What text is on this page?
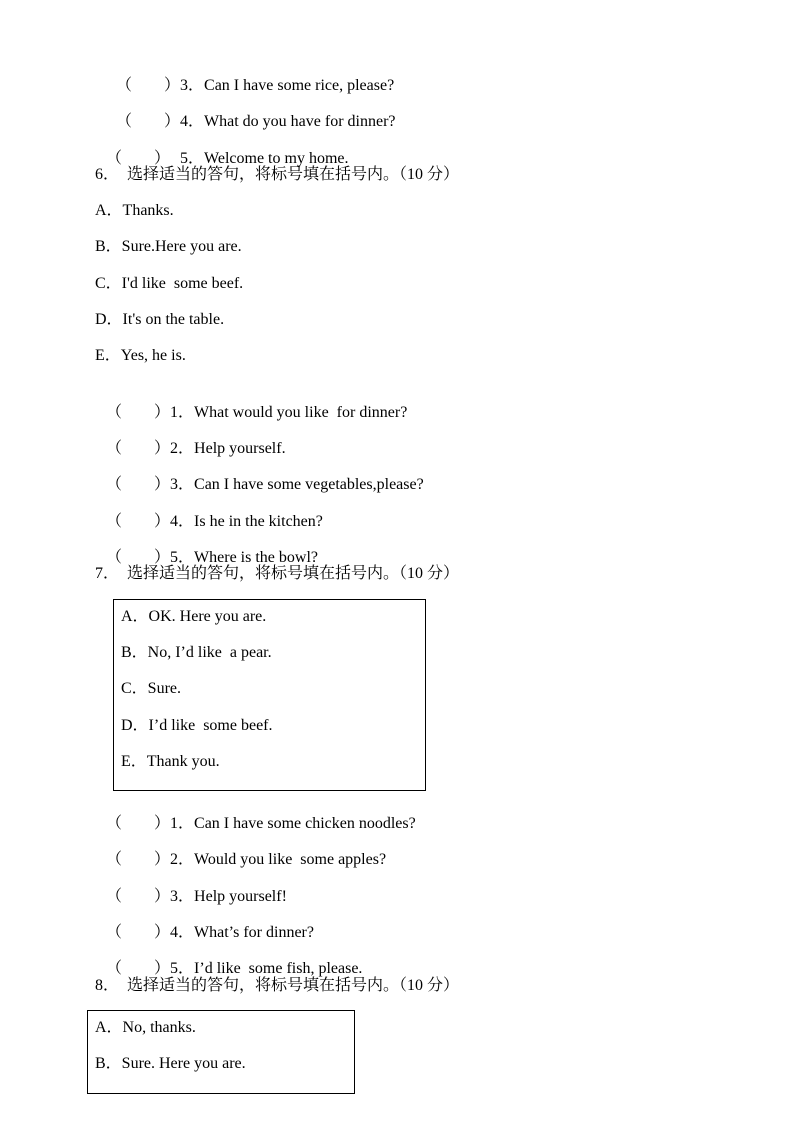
（　　）3．Can I have some rice, please?

（　　）4．What do you have for dinner?

（　　） 5．Welcome to my home.

6．　选择适当的答句，将标号填在括号内。（10 分）
A．Thanks.
B．Sure.Here you are.
C．I'd like  some beef.
D．It's on the table.
E．Yes, he is.

（　　）1．What would you like  for dinner?

（　　）2．Help yourself.

（　　）3．Can I have some vegetables,please?

（　　）4．Is he in the kitchen?

（　　）5．Where is the bowl?

7．　选择适当的答句，将标号填在括号内。（10 分）
A．OK. Here you are.
B．No, I’d like  a pear.
C．Sure.
D．I’d like  some beef.
E．Thank you.

（　　）1．Can I have some chicken noodles?

（　　）2．Would you like  some apples?

（　　）3．Help yourself!

（　　）4．What’s for dinner?

（　　）5．I’d like  some fish, please.

8．　选择适当的答句，将标号填在括号内。（10 分）
A．No, thanks.
B．Sure. Here you are.
